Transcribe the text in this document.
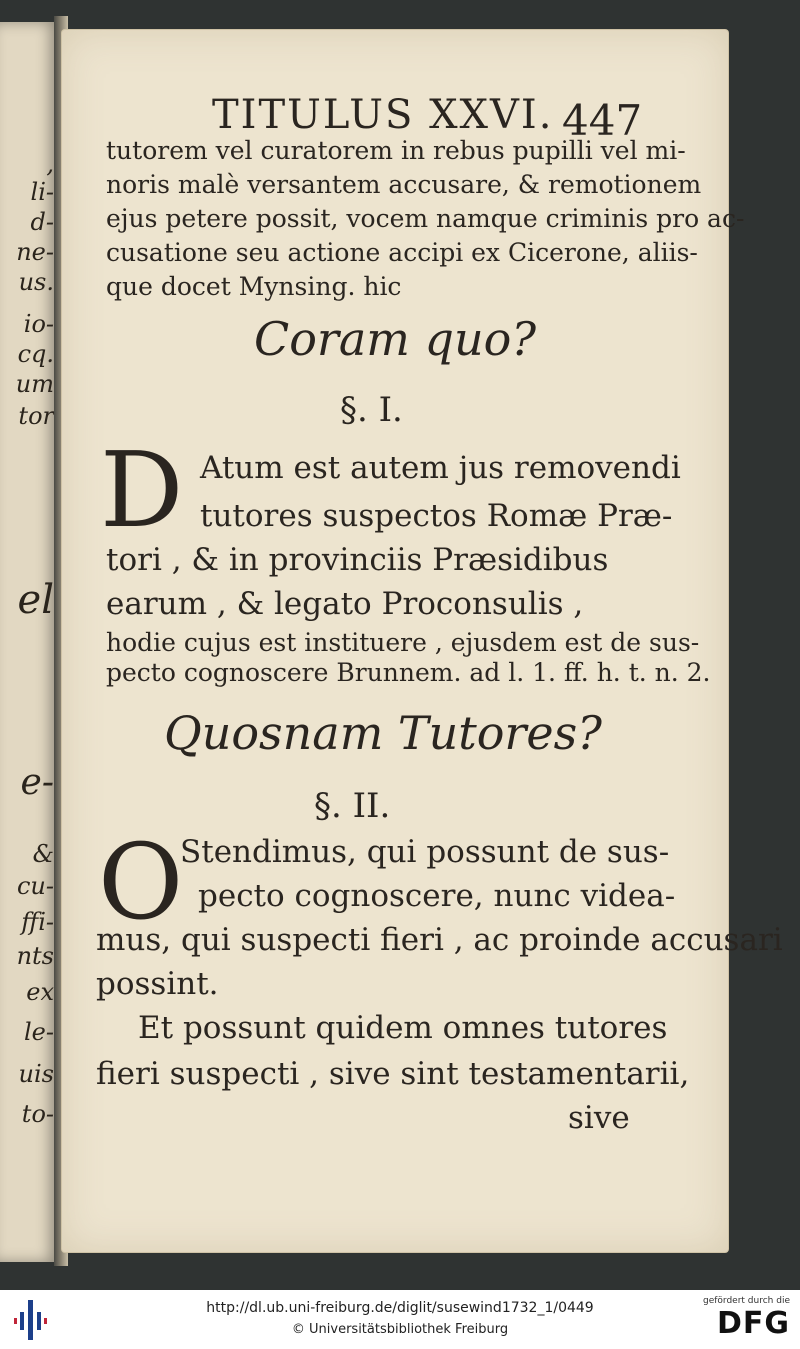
,
li-
d-
ne-
us.
io-
cq.
um
tor
el
e-
&
cu-
ffi-
nts
ex
le-
uis
to-
TITULUS XXVI. 447
tutorem vel curatorem in rebus pupilli vel mi-
noris malè versantem accusare, & remotionem
ejus petere possit, vocem namque criminis pro ac-
cusatione seu actione accipi ex Cicerone, aliis-
que docet Mynsing. hic
Coram quo?
§. I.
D Atum est autem jus removendi
tutores suspectos Romæ Præ-
tori , & in provinciis Præsidibus
earum , & legato Proconsulis ,
hodie cujus est instituere , ejusdem est de sus-
pecto cognoscere Brunnem. ad l. 1. ff. h. t. n. 2.
Quosnam Tutores?
§. II.
O
Stendimus, qui possunt de sus-
pecto cognoscere, nunc videa-
mus, qui suspecti fieri , ac proinde accusari
possint.
Et possunt quidem omnes tutores
fieri suspecti , sive sint testamentarii,
sive
http://dl.ub.uni-freiburg.de/diglit/susewind1732_1/0449
© Universitätsbibliothek Freiburg
gefördert durch die
DFG
